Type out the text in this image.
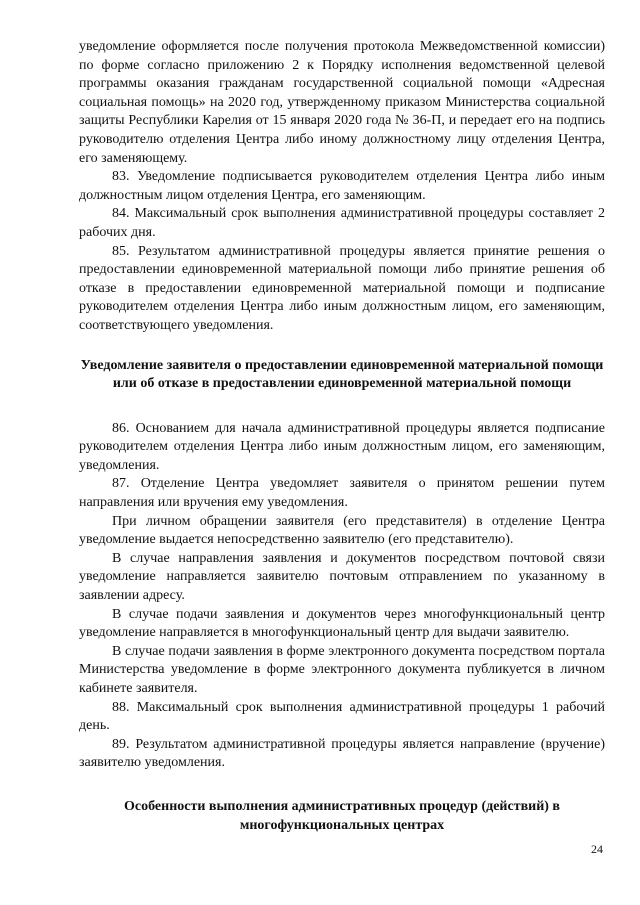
уведомление оформляется после получения протокола Межведомственной комиссии) по форме согласно приложению 2 к Порядку исполнения ведомственной целевой программы оказания гражданам государственной социальной помощи «Адресная социальная помощь» на 2020 год, утвержденному приказом Министерства социальной защиты Республики Карелия от 15 января 2020 года № 36-П, и передает его на подпись руководителю отделения Центра либо иному должностному лицу отделения Центра, его заменяющему.

83. Уведомление подписывается руководителем отделения Центра либо иным должностным лицом отделения Центра, его заменяющим.

84. Максимальный срок выполнения административной процедуры составляет 2 рабочих дня.

85. Результатом административной процедуры является принятие решения о предоставлении единовременной материальной помощи либо принятие решения об отказе в предоставлении единовременной материальной помощи и подписание руководителем отделения Центра либо иным должностным лицом, его заменяющим, соответствующего уведомления.

Уведомление заявителя о предоставлении единовременной материальной помощи или об отказе в предоставлении единовременной материальной помощи

86. Основанием для начала административной процедуры является подписание руководителем отделения Центра либо иным должностным лицом, его заменяющим, уведомления.

87. Отделение Центра уведомляет заявителя о принятом решении путем направления или вручения ему уведомления.

При личном обращении заявителя (его представителя) в отделение Центра уведомление выдается непосредственно заявителю (его представителю).

В случае направления заявления и документов посредством почтовой связи уведомление направляется заявителю почтовым отправлением по указанному в заявлении адресу.

В случае подачи заявления и документов через многофункциональный центр уведомление направляется в многофункциональный центр для выдачи заявителю.

В случае подачи заявления в форме электронного документа посредством портала Министерства уведомление в форме электронного документа публикуется в личном кабинете заявителя.

88. Максимальный срок выполнения административной процедуры 1 рабочий день.

89. Результатом административной процедуры является направление (вручение) заявителю уведомления.

Особенности выполнения административных процедур (действий) в многофункциональных центрах

24
